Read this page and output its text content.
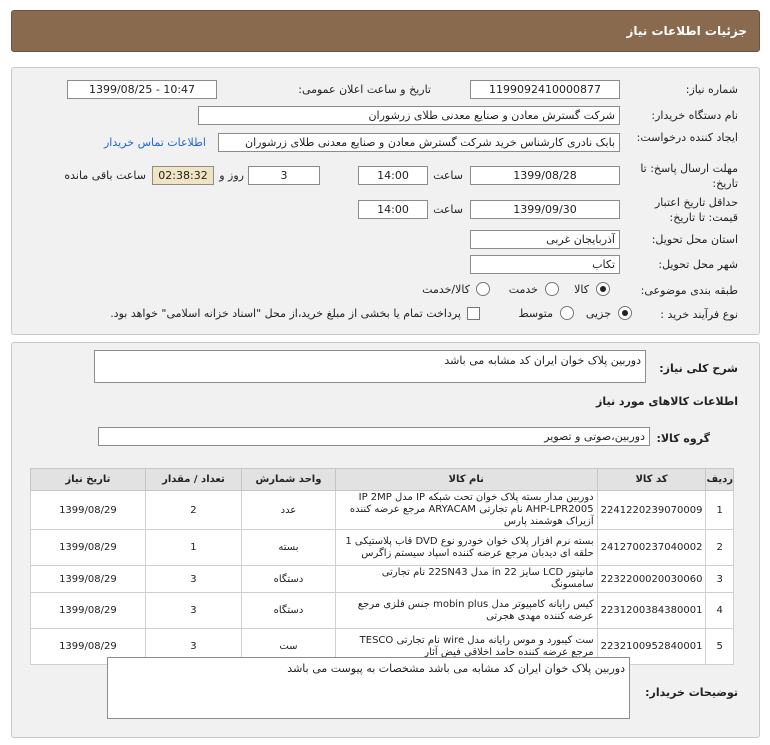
جزئیات اطلاعات نیاز
شماره نیاز:
1199092410000877
تاریخ و ساعت اعلان عمومی:
1399/08/25 - 10:47
نام دستگاه خریدار:
شرکت گسترش معادن و صنایع معدنی طلای زرشوران
ایجاد کننده درخواست:
بابک نادری کارشناس خرید شرکت گسترش معادن و صنایع معدنی طلای زرشوران
اطلاعات تماس خریدار
مهلت ارسال پاسخ: تا تاریخ:
1399/08/28
ساعت
14:00
3
روز و
02:38:32
ساعت باقی مانده
حداقل تاریخ اعتبار قیمت: تا تاریخ:
1399/09/30
ساعت
14:00
استان محل تحویل:
آذربایجان غربی
شهر محل تحویل:
تکاب
طبقه بندی موضوعی:
کالا
خدمت
کالا/خدمت
نوع فرآیند خرید :
جزیی
متوسط
پرداخت تمام یا بخشی از مبلغ خرید،از محل "اسناد خزانه اسلامی" خواهد بود.
شرح کلی نیاز:
دوربین پلاک خوان ایران کد مشابه می باشد
اطلاعات کالاهای مورد نیاز
گروه کالا:
دوربین،صوتی و تصویر
ردیف	کد کالا	نام کالا	واحد شمارش	تعداد / مقدار	تاریخ نیاز
1	2241220239070009	دوربین مدار بسته پلاک خوان تحت شبکه IP مدل IP 2MP AHP-LPR2005 نام تجارتی ARYACAM مرجع عرضه کننده آزیراک هوشمند پارس	عدد	2	1399/08/29
2	2412700237040002	بسته نرم افزار پلاک خوان خودرو نوع DVD قاب پلاستیکی 1 حلقه ای دیدبان مرجع عرضه کننده اسپاد سیستم زاگرس	بسته	1	1399/08/29
3	2232200020030060	مانیتور LCD سایز 22 in مدل 22SN43 نام تجارتی سامسونگ	دستگاه	3	1399/08/29
4	2231200384380001	کیس رایانه کامپیوتر مدل mobin plus جنس فلزی مرجع عرضه کننده مهدی هجرتی	دستگاه	3	1399/08/29
5	2232100952840001	ست کیبورد و موس رایانه مدل wire نام تجارتی TESCO مرجع عرضه کننده حامد اخلاقی فیض آثار	ست	3	1399/08/29
توضیحات خریدار:
دوربین پلاک خوان ایران کد مشابه می باشد مشخصات به پیوست می باشد
